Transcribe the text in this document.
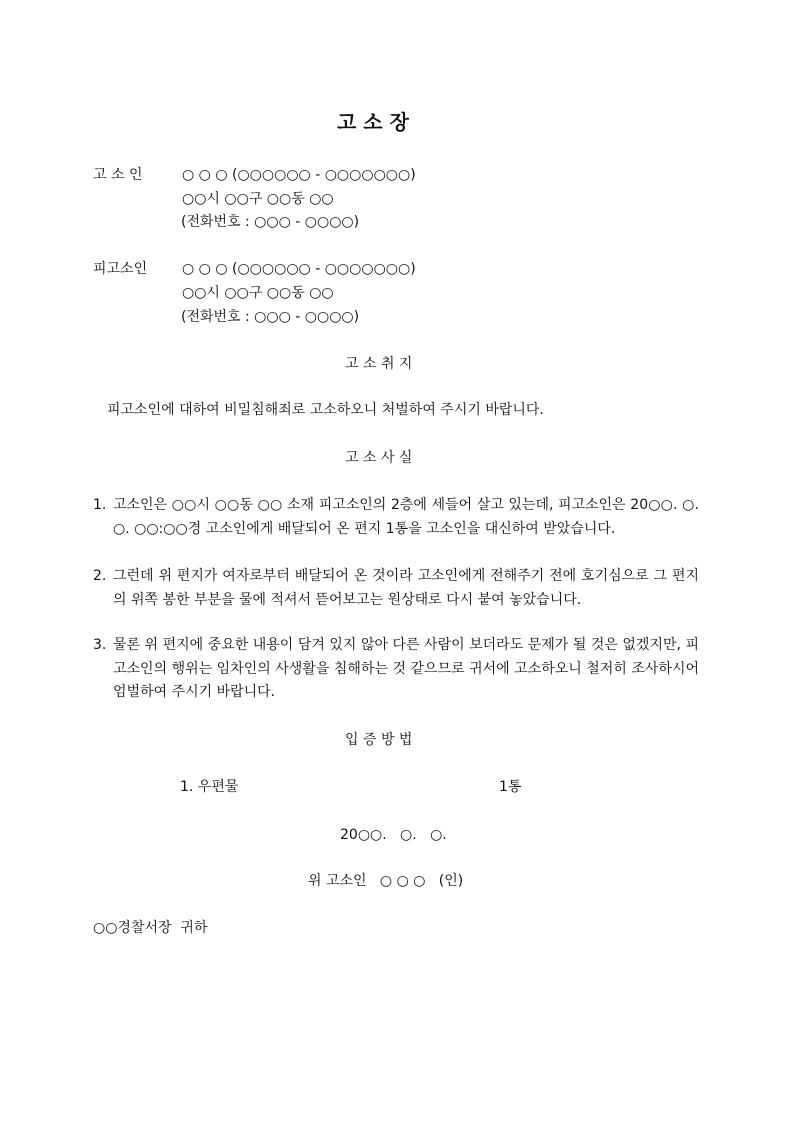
고 소 장
고 소 인	○ ○ ○ (○○○○○○ - ○○○○○○○)
○○시 ○○구 ○○동 ○○
(전화번호 : ○○○ - ○○○○)
피고소인 ○ ○ ○ (○○○○○○ - ○○○○○○○)
○○시 ○○구 ○○동 ○○
(전화번호 : ○○○ - ○○○○)
고 소 취 지
피고소인에 대하여 비밀침해죄로 고소하오니 처벌하여 주시기 바랍니다.
고 소 사 실
1. 고소인은 ○○시 ○○동 ○○ 소재 피고소인의 2층에 세들어 살고 있는데, 피고소인은 20○○. ○. ○. ○○:○○경 고소인에게 배달되어 온 편지 1통을 고소인을 대신하여 받았습니다.
2. 그런데 위 편지가 여자로부터 배달되어 온 것이라 고소인에게 전해주기 전에 호기심으로 그 편지의 위쪽 봉한 부분을 물에 적셔서 뜯어보고는 원상태로 다시 붙여 놓았습니다.
3. 물론 위 편지에 중요한 내용이 담겨 있지 않아 다른 사람이 보더라도 문제가 될 것은 없겠지만, 피고소인의 행위는 임차인의 사생활을 침해하는 것 같으므로 귀서에 고소하오니 철저히 조사하시어 엄벌하여 주시기 바랍니다.
입 증 방 법
1. 우편물	1통
20○○.   ○.   ○.
위 고소인   ○ ○ ○   (인)
○○경찰서장  귀하
